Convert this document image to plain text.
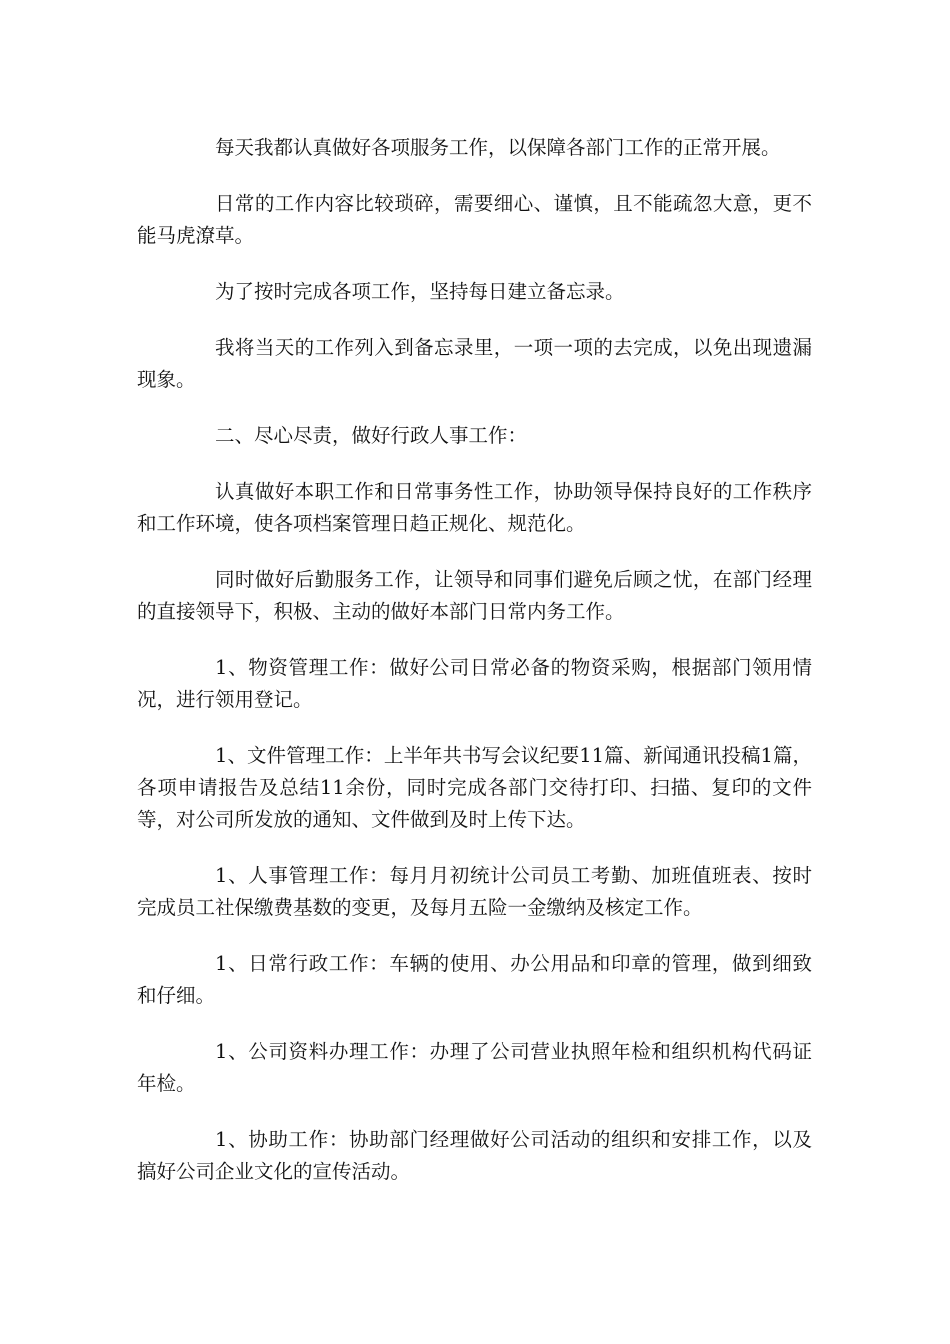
每天我都认真做好各项服务工作，以保障各部门工作的正常开展。

日常的工作内容比较琐碎，需要细心、谨慎，且不能疏忽大意，更不能马虎潦草。

为了按时完成各项工作，坚持每日建立备忘录。

我将当天的工作列入到备忘录里，一项一项的去完成，以免出现遗漏现象。

二、尽心尽责，做好行政人事工作：

认真做好本职工作和日常事务性工作，协助领导保持良好的工作秩序和工作环境，使各项档案管理日趋正规化、规范化。

同时做好后勤服务工作，让领导和同事们避免后顾之忧，在部门经理的直接领导下，积极、主动的做好本部门日常内务工作。

1、物资管理工作：做好公司日常必备的物资采购，根据部门领用情况，进行领用登记。

1、文件管理工作：上半年共书写会议纪要11篇、新闻通讯投稿1篇，各项申请报告及总结11余份，同时完成各部门交待打印、扫描、复印的文件等，对公司所发放的通知、文件做到及时上传下达。

1、人事管理工作：每月月初统计公司员工考勤、加班值班表、按时完成员工社保缴费基数的变更，及每月五险一金缴纳及核定工作。

1、日常行政工作：车辆的使用、办公用品和印章的管理，做到细致和仔细。

1、公司资料办理工作：办理了公司营业执照年检和组织机构代码证年检。

1、协助工作：协助部门经理做好公司活动的组织和安排工作，以及搞好公司企业文化的宣传活动。
